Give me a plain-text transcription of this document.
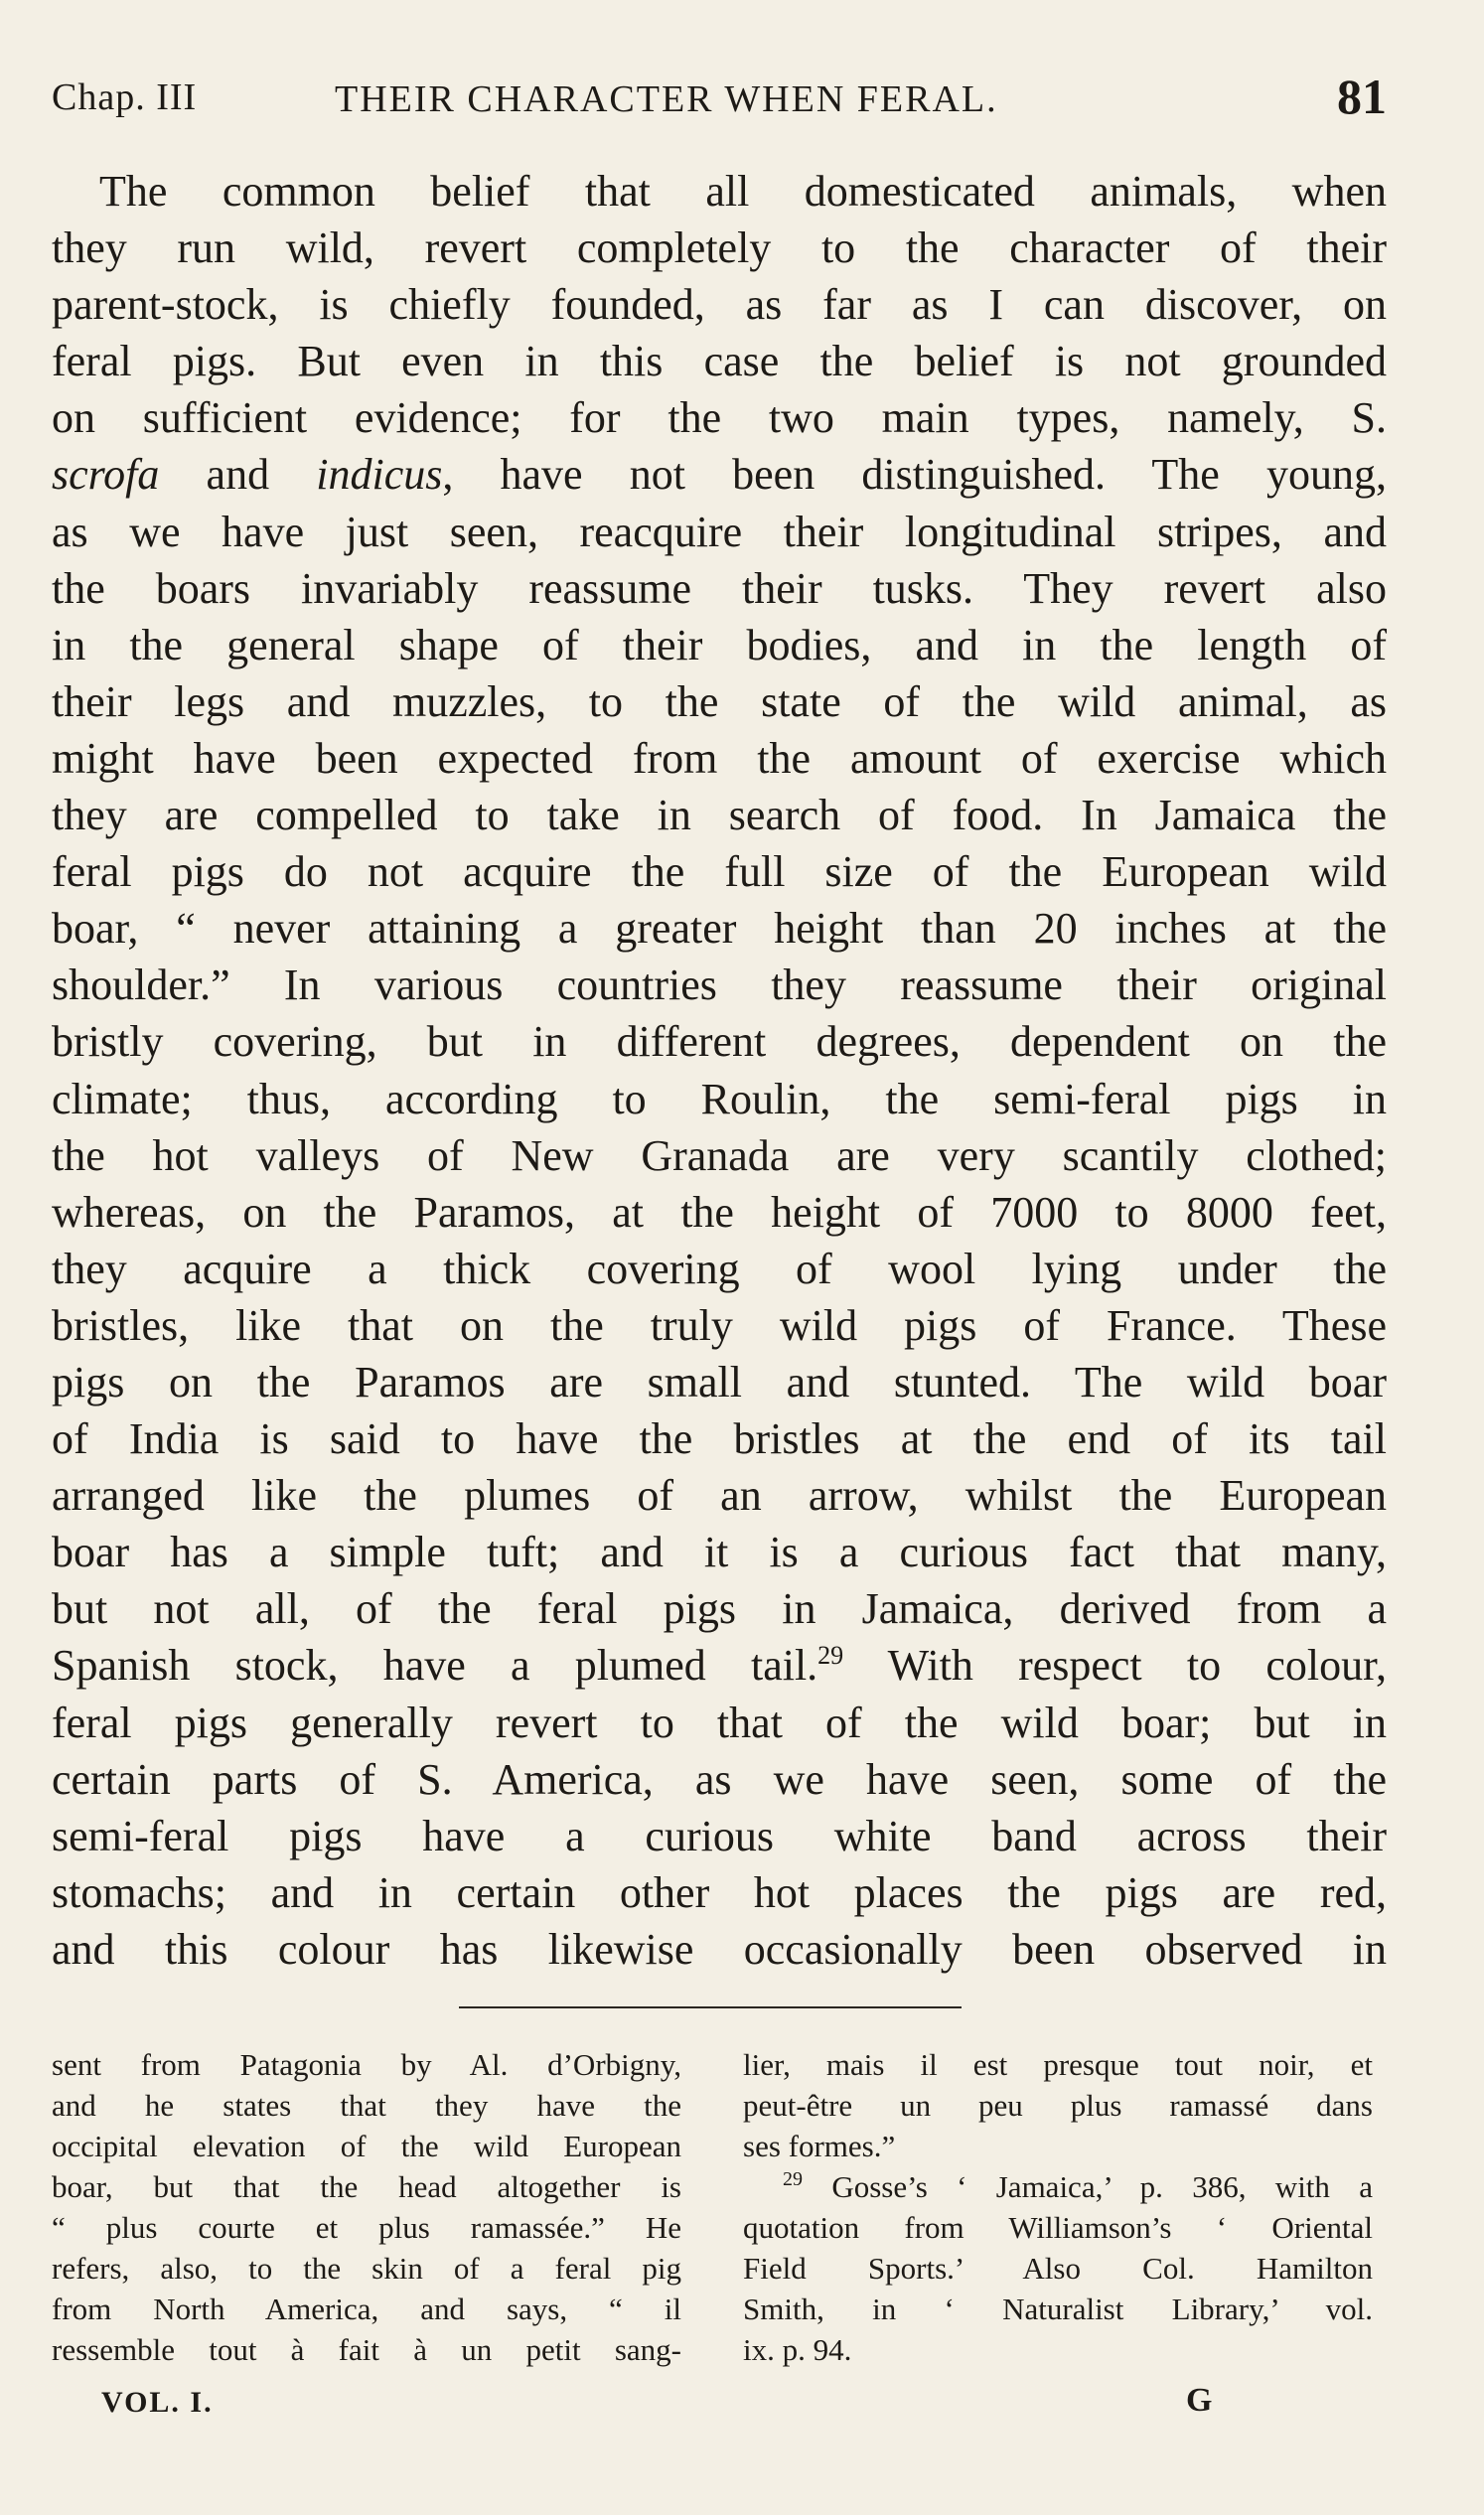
Chap. III	THEIR CHARACTER WHEN FERAL.	81
The common belief that all domesticated animals, when
they run wild, revert completely to the character of their
parent-stock, is chiefly founded, as far as I can discover, on
feral pigs. But even in this case the belief is not grounded
on sufficient evidence; for the two main types, namely, S.
scrofa and indicus, have not been distinguished. The young,
as we have just seen, reacquire their longitudinal stripes, and
the boars invariably reassume their tusks. They revert also
in the general shape of their bodies, and in the length of
their legs and muzzles, to the state of the wild animal, as
might have been expected from the amount of exercise which
they are compelled to take in search of food. In Jamaica the
feral pigs do not acquire the full size of the European wild
boar, “ never attaining a greater height than 20 inches at the
shoulder.” In various countries they reassume their original
bristly covering, but in different degrees, dependent on the
climate; thus, according to Roulin, the semi-feral pigs in
the hot valleys of New Granada are very scantily clothed;
whereas, on the Paramos, at the height of 7000 to 8000 feet,
they acquire a thick covering of wool lying under the
bristles, like that on the truly wild pigs of France. These
pigs on the Paramos are small and stunted. The wild boar
of India is said to have the bristles at the end of its tail
arranged like the plumes of an arrow, whilst the European
boar has a simple tuft; and it is a curious fact that many,
but not all, of the feral pigs in Jamaica, derived from a
Spanish stock, have a plumed tail.$^{29}$ With respect to colour,
feral pigs generally revert to that of the wild boar; but in
certain parts of S. America, as we have seen, some of the
semi-feral pigs have a curious white band across their
stomachs; and in certain other hot places the pigs are red,
and this colour has likewise occasionally been observed in
sent from Patagonia by Al. d’Orbigny,
and he states that they have the
occipital elevation of the wild European
boar, but that the head altogether is
“ plus courte et plus ramassée.” He
refers, also, to the skin of a feral pig
from North America, and says, “ il
ressemble tout à fait à un petit sang-
lier, mais il est presque tout noir, et
peut-être un peu plus ramassé dans
ses formes.”
$^{29}$ Gosse’s ‘ Jamaica,’ p. 386, with a
quotation from Williamson’s ‘ Oriental
Field Sports.’ Also Col. Hamilton
Smith, in ‘ Naturalist Library,’ vol.
ix. p. 94.
VOL. I.	G
